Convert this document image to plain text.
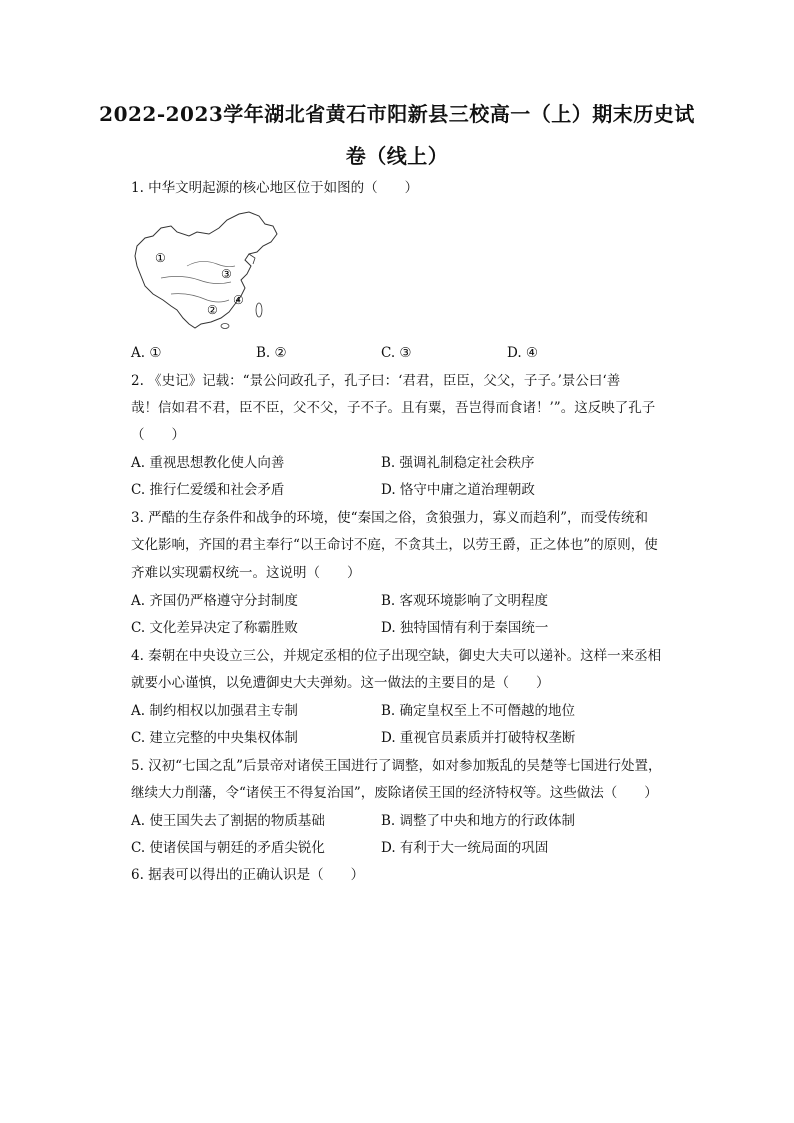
2022-2023学年湖北省黄石市阳新县三校高一（上）期末历史试
卷（线上）
1. 中华文明起源的核心地区位于如图的（　　）
①
②
③
④
A. ①	B. ②	C. ③	D. ④
2. 《史记》记载：“景公问政孔子，孔子曰：‘君君，臣臣，父父，子子。’景公曰‘善
哉！信如君不君，臣不臣，父不父，子不子。且有粟，吾岂得而食诸！’”。这反映了孔子
（　　）
A. 重视思想教化使人向善	B. 强调礼制稳定社会秩序
C. 推行仁爱缓和社会矛盾	D. 恪守中庸之道治理朝政
3. 严酷的生存条件和战争的环境，使“秦国之俗，贪狼强力，寡义而趋利”，而受传统和
文化影响，齐国的君主奉行“以王命讨不庭，不贪其土，以劳王爵，正之体也”的原则，使
齐难以实现霸权统一。这说明（　　）
A. 齐国仍严格遵守分封制度	B. 客观环境影响了文明程度
C. 文化差异决定了称霸胜败	D. 独特国情有利于秦国统一
4. 秦朝在中央设立三公，并规定丞相的位子出现空缺，御史大夫可以递补。这样一来丞相
就要小心谨慎，以免遭御史大夫弹劾。这一做法的主要目的是（　　）
A. 制约相权以加强君主专制	B. 确定皇权至上不可僭越的地位
C. 建立完整的中央集权体制	D. 重视官员素质并打破特权垄断
5. 汉初“七国之乱”后景帝对诸侯王国进行了调整，如对参加叛乱的吴楚等七国进行处置，
继续大力削藩，令“诸侯王不得复治国”，废除诸侯王国的经济特权等。这些做法（　　）
A. 使王国失去了割据的物质基础	B. 调整了中央和地方的行政体制
C. 使诸侯国与朝廷的矛盾尖锐化	D. 有利于大一统局面的巩固
6. 据表可以得出的正确认识是（　　）
